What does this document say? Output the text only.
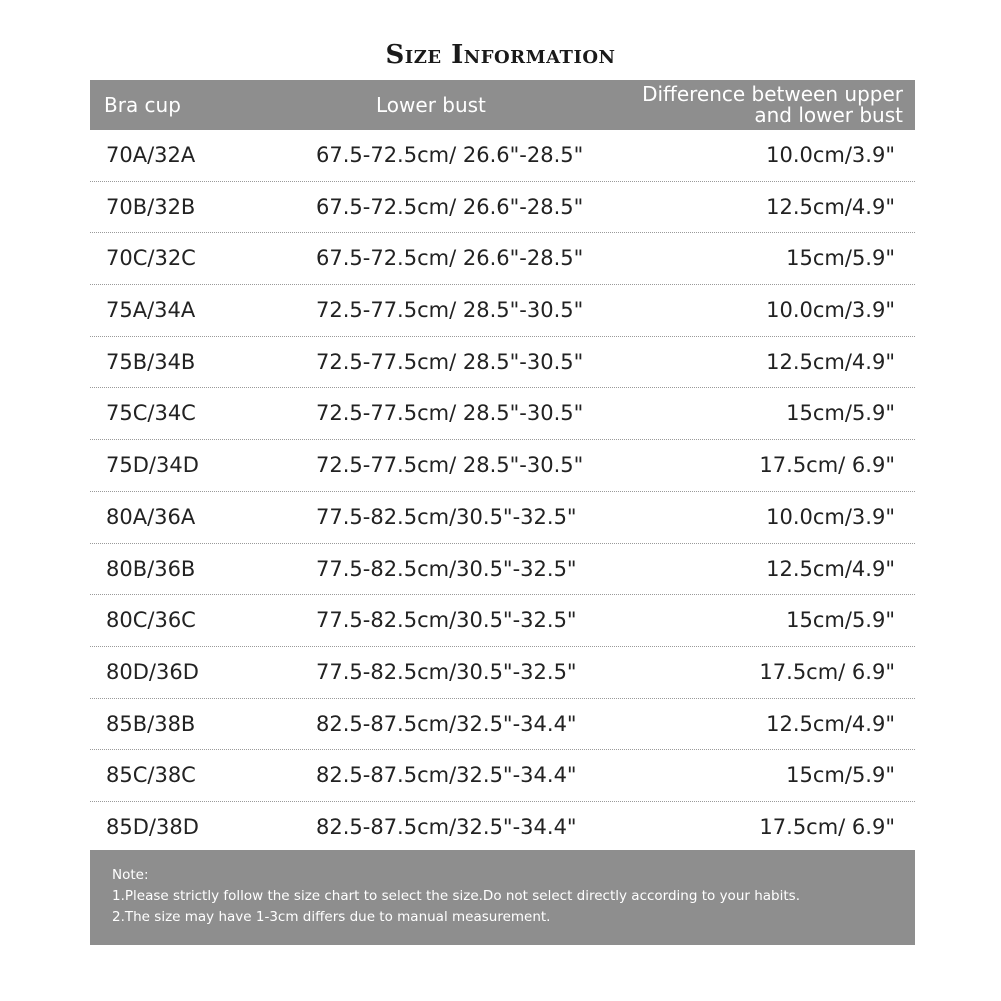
Size Information
Bra cup	Lower bust	Difference between upper
and lower bust
70A/32A	67.5-72.5cm/ 26.6"-28.5"	10.0cm/3.9"
70B/32B	67.5-72.5cm/ 26.6"-28.5"	12.5cm/4.9"
70C/32C	67.5-72.5cm/ 26.6"-28.5"	15cm/5.9"
75A/34A	72.5-77.5cm/ 28.5"-30.5"	10.0cm/3.9"
75B/34B	72.5-77.5cm/ 28.5"-30.5"	12.5cm/4.9"
75C/34C	72.5-77.5cm/ 28.5"-30.5"	15cm/5.9"
75D/34D	72.5-77.5cm/ 28.5"-30.5"	17.5cm/ 6.9"
80A/36A	77.5-82.5cm/30.5"-32.5"	10.0cm/3.9"
80B/36B	77.5-82.5cm/30.5"-32.5"	12.5cm/4.9"
80C/36C	77.5-82.5cm/30.5"-32.5"	15cm/5.9"
80D/36D	77.5-82.5cm/30.5"-32.5"	17.5cm/ 6.9"
85B/38B	82.5-87.5cm/32.5"-34.4"	12.5cm/4.9"
85C/38C	82.5-87.5cm/32.5"-34.4"	15cm/5.9"
85D/38D	82.5-87.5cm/32.5"-34.4"	17.5cm/ 6.9"
Note:
1.Please strictly follow the size chart to select the size.Do not select directly according to your habits.
2.The size may have 1-3cm differs due to manual measurement.
